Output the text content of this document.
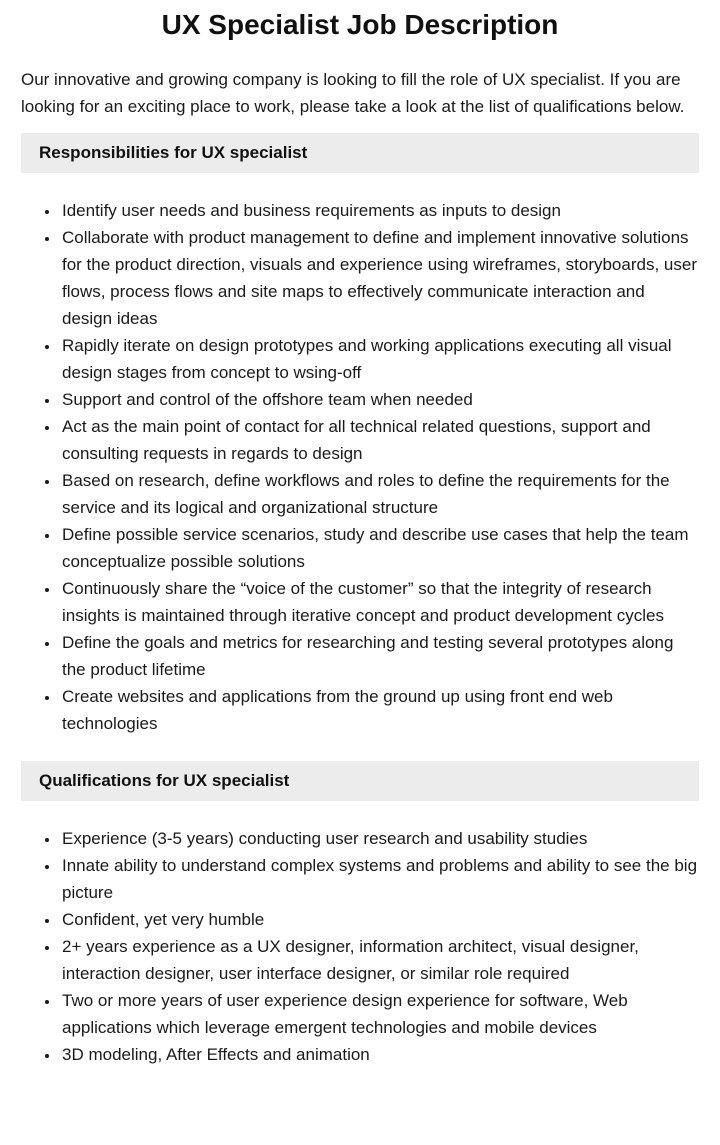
UX Specialist Job Description

Our innovative and growing company is looking to fill the role of UX specialist. If you are looking for an exciting place to work, please take a look at the list of qualifications below.

Responsibilities for UX specialist
• Identify user needs and business requirements as inputs to design
• Collaborate with product management to define and implement innovative solutions for the product direction, visuals and experience using wireframes, storyboards, user flows, process flows and site maps to effectively communicate interaction and design ideas
• Rapidly iterate on design prototypes and working applications executing all visual design stages from concept to wsing-off
• Support and control of the offshore team when needed
• Act as the main point of contact for all technical related questions, support and consulting requests in regards to design
• Based on research, define workflows and roles to define the requirements for the service and its logical and organizational structure
• Define possible service scenarios, study and describe use cases that help the team conceptualize possible solutions
• Continuously share the “voice of the customer” so that the integrity of research insights is maintained through iterative concept and product development cycles
• Define the goals and metrics for researching and testing several prototypes along the product lifetime
• Create websites and applications from the ground up using front end web technologies
Qualifications for UX specialist
• Experience (3-5 years) conducting user research and usability studies
• Innate ability to understand complex systems and problems and ability to see the big picture
• Confident, yet very humble
• 2+ years experience as a UX designer, information architect, visual designer, interaction designer, user interface designer, or similar role required
• Two or more years of user experience design experience for software, Web applications which leverage emergent technologies and mobile devices
• 3D modeling, After Effects and animation
